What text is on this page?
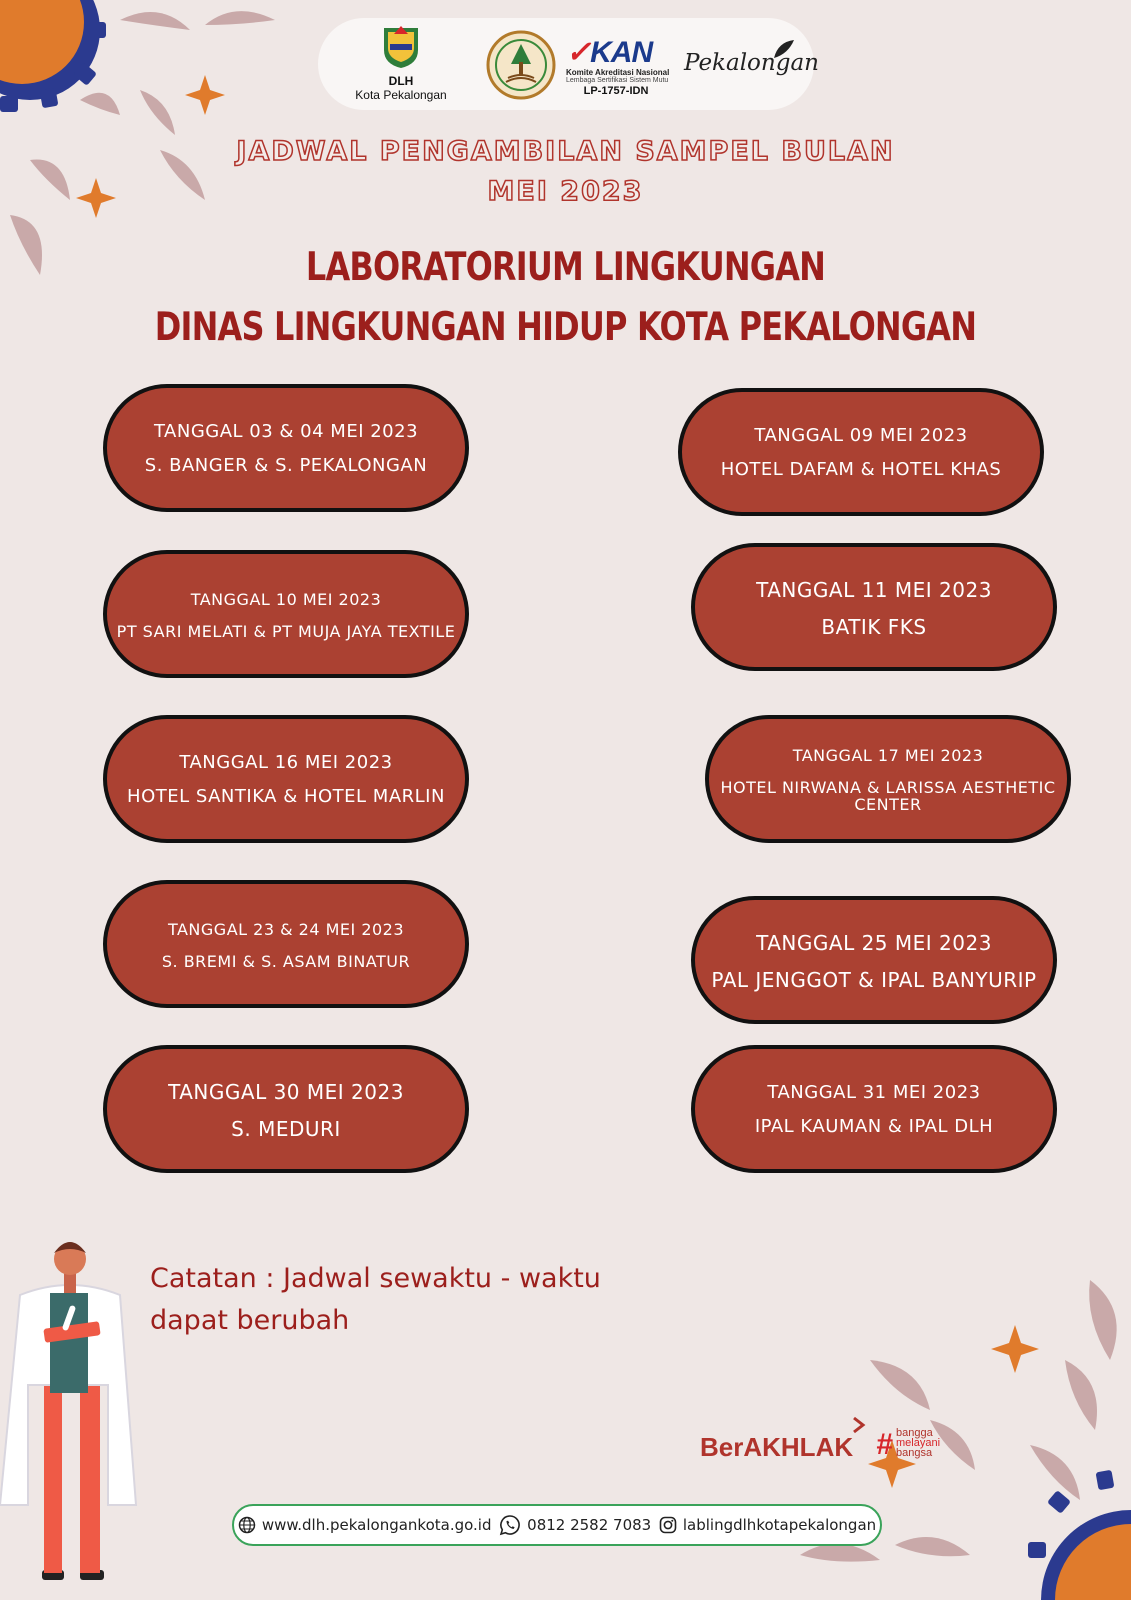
DLH
Kota Pekalongan
✓KAN
Komite Akreditasi Nasional
Lembaga Sertifikasi Sistem Mutu
LP-1757-IDN
Pekalongan
JADWAL PENGAMBILAN SAMPEL BULAN
MEI 2023
LABORATORIUM LINGKUNGAN
DINAS LINGKUNGAN HIDUP KOTA PEKALONGAN
TANGGAL 03 & 04 MEI 2023
S. BANGER & S. PEKALONGAN
TANGGAL 09 MEI 2023
HOTEL DAFAM & HOTEL KHAS
TANGGAL 10 MEI 2023
PT SARI MELATI & PT MUJA JAYA TEXTILE
TANGGAL 11 MEI 2023
BATIK FKS
TANGGAL 16 MEI 2023
HOTEL SANTIKA & HOTEL MARLIN
TANGGAL 17 MEI 2023
HOTEL NIRWANA & LARISSA AESTHETIC CENTER
TANGGAL 23 & 24 MEI 2023
S. BREMI & S. ASAM BINATUR
TANGGAL 25 MEI 2023
PAL JENGGOT & IPAL BANYURIP
TANGGAL 30 MEI 2023
S. MEDURI
TANGGAL 31 MEI 2023
IPAL KAUMAN & IPAL DLH
Catatan : Jadwal sewaktu - waktu
dapat berubah
BerAKHLAK # bangga
melayani
bangsa
www.dlh.pekalongankota.go.id 0812 2582 7083 lablingdlhkotapekalongan
